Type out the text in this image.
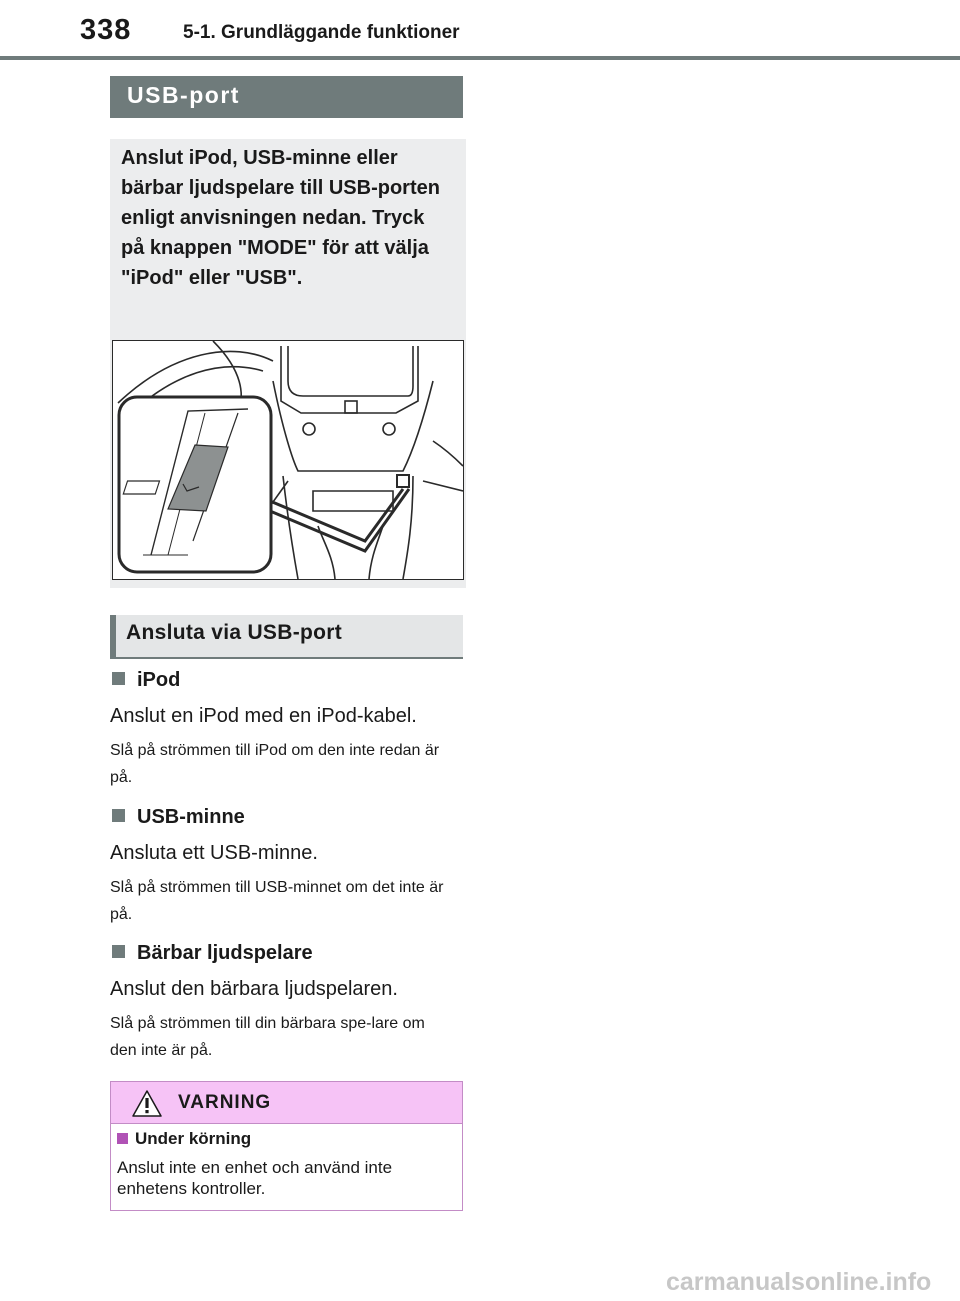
338	5-1. Grundläggande funktioner
USB-port

Anslut iPod, USB-minne eller bärbar ljudspelare till USB-porten enligt anvisningen nedan. Tryck på knappen "MODE" för att välja "iPod" eller "USB".

Ansluta via USB-port
iPod
Anslut en iPod med en iPod-kabel.
Slå på strömmen till iPod om den inte redan är på.
USB-minne
Ansluta ett USB-minne.
Slå på strömmen till USB-minnet om det inte är på.
Bärbar ljudspelare
Anslut den bärbara ljudspelaren.
Slå på strömmen till din bärbara spe-lare om den inte är på.
VARNING
Under körning
Anslut inte en enhet och använd inte enhetens kontroller.
carmanualsonline.info
